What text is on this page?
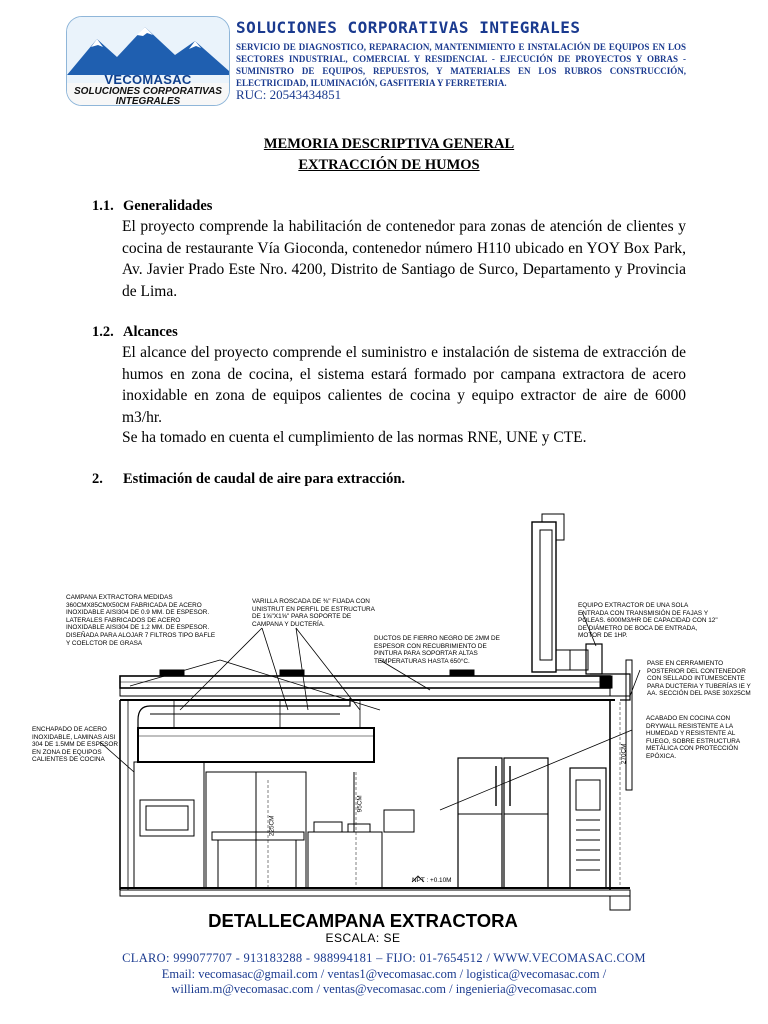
VECOMASAC
SOLUCIONES CORPORATIVAS
INTEGRALES
SOLUCIONES CORPORATIVAS INTEGRALES
SERVICIO DE DIAGNOSTICO, REPARACION, MANTENIMIENTO E INSTALACIÓN DE EQUIPOS EN LOS SECTORES INDUSTRIAL, COMERCIAL Y RESIDENCIAL - EJECUCIÓN DE PROYECTOS Y OBRAS - SUMINISTRO DE EQUIPOS, REPUESTOS, Y MATERIALES EN LOS RUBROS CONSTRUCCIÓN, ELECTRICIDAD, ILUMINACIÓN, GASFITERIA Y FERRETERIA.
RUC: 20543434851
MEMORIA DESCRIPTIVA GENERAL
EXTRACCIÓN DE HUMOS
1.1. Generalidades
El proyecto comprende la habilitación de contenedor para zonas de atención de clientes y cocina de restaurante Vía Gioconda, contenedor número H110 ubicado en YOY Box Park, Av. Javier Prado Este Nro. 4200, Distrito de Santiago de Surco, Departamento y Provincia de Lima.
1.2. Alcances
El alcance del proyecto comprende el suministro e instalación de sistema de extracción de humos en zona de cocina, el sistema estará formado por campana extractora de acero inoxidable en zona de equipos calientes de cocina y equipo extractor de aire de 6000 m3/hr.
Se ha tomado en cuenta el cumplimiento de las normas RNE, UNE y CTE.
2. Estimación de caudal de aire para extracción.
CAMPANA EXTRACTORA MEDIDAS 360CMX85CMX50CM FABRICADA DE ACERO INOXIDABLE AISI304 DE 0.9 MM. DE ESPESOR. LATERALES FABRICADOS DE ACERO INOXIDABLE AISI304 DE 1.2 MM. DE ESPESOR. DISEÑADA PARA ALOJAR 7 FILTROS TIPO BAFLE Y COELCTOR DE GRASA
VARILLA ROSCADA DE ⅜" FIJADA CON UNISTRUT EN PERFIL DE ESTRUCTURA DE 1⅝"X1⅝" PARA SOPORTE DE CAMPANA Y DUCTERÍA.
DUCTOS DE FIERRO NEGRO DE 2MM DE ESPESOR CON RECUBRIMIENTO DE PINTURA PARA SOPORTAR ALTAS TEMPERATURAS HASTA 650°C.
EQUIPO EXTRACTOR DE UNA SOLA ENTRADA CON TRANSMISIÓN DE FAJAS Y POLEAS. 6000M3/HR DE CAPACIDAD CON 12" DE DIÁMETRO DE BOCA DE ENTRADA, MOTOR DE 1HP.
PASE EN CERRAMIENTO POSTERIOR DEL CONTENEDOR CON SELLADO INTUMESCENTE PARA DUCTERIA Y TUBERÍAS IE Y AA. SECCIÓN DEL PASE 30X25CM
ENCHAPADO DE ACERO INOXIDABLE, LAMINAS AISI 304 DE 1.5MM DE ESPESOR EN ZONA DE EQUIPOS CALIENTES DE COCINA
ACABADO EN COCINA CON DRYWALL RESISTENTE A LA HUMEDAD Y RESISTENTE AL FUEGO, SOBRE ESTRUCTURA METÁLICA CON PROTECCIÓN EPÓXICA.
NPT : +0.10M
225CM
270CM
95CM
DETALLECAMPANA EXTRACTORA
ESCALA: SE
CLARO: 999077707 - 913183288 - 988994181 – FIJO: 01-7654512 / WWW.VECOMASAC.COM
Email: vecomasac@gmail.com / ventas1@vecomasac.com / logistica@vecomasac.com /
william.m@vecomasac.com / ventas@vecomasac.com / ingenieria@vecomasac.com
